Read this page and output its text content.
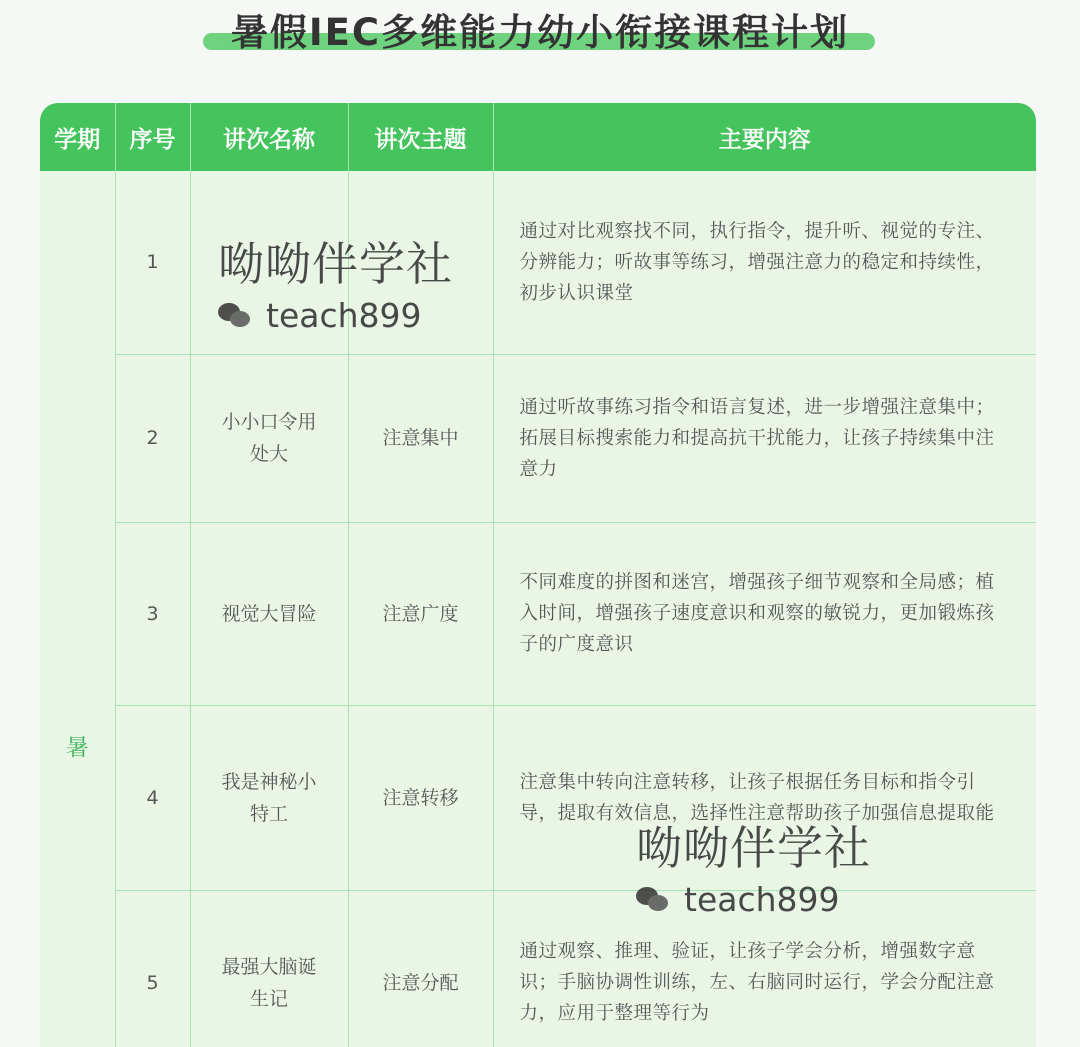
暑假IEC多维能力幼小衔接课程计划
学期	序号	讲次名称	讲次主题	主要内容
暑	1			通过对比观察找不同，执行指令，提升听、视觉的专注、分辨能力；听故事等练习，增强注意力的稳定和持续性，初步认识课堂
	2	小小口令用处大	注意集中	通过听故事练习指令和语言复述，进一步增强注意集中；拓展目标搜索能力和提高抗干扰能力，让孩子持续集中注意力
	3	视觉大冒险	注意广度	不同难度的拼图和迷宫，增强孩子细节观察和全局感；植入时间，增强孩子速度意识和观察的敏锐力，更加锻炼孩子的广度意识
	4	我是神秘小特工	注意转移	注意集中转向注意转移，让孩子根据任务目标和指令引导，提取有效信息，选择性注意帮助孩子加强信息提取能
	5	最强大脑诞生记	注意分配	通过观察、推理、验证，让孩子学会分析，增强数字意识；手脑协调性训练，左、右脑同时运行，学会分配注意力，应用于整理等行为
呦呦伴学社
teach899
呦呦伴学社
teach899
